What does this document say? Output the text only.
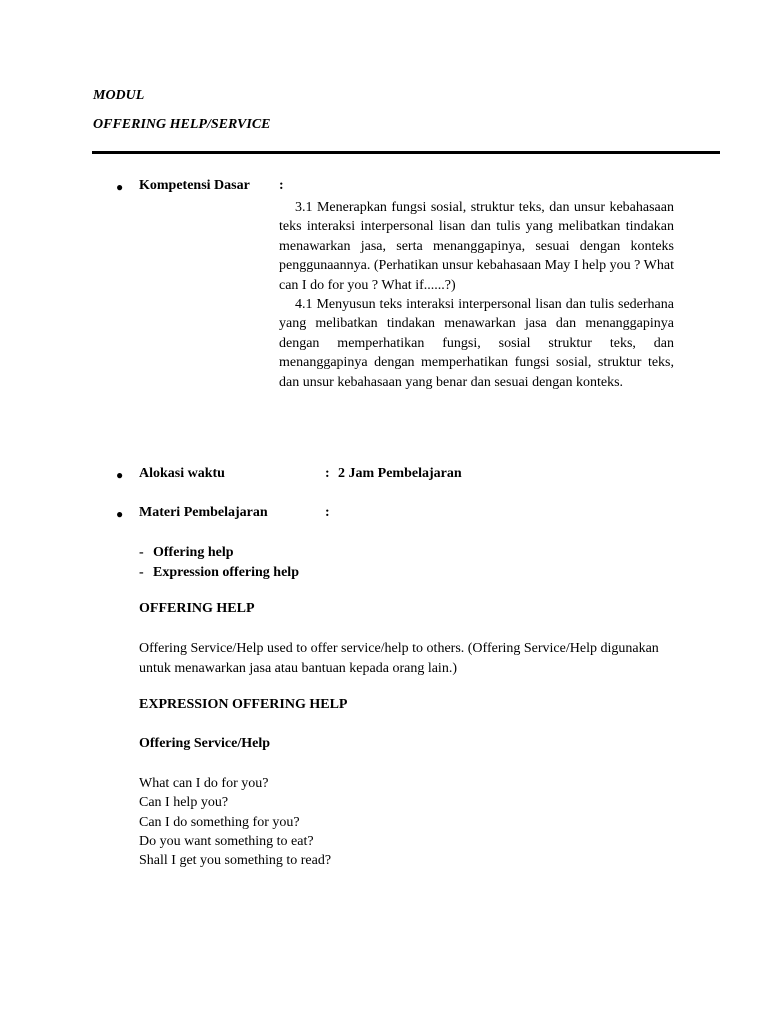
MODUL
OFFERING HELP/SERVICE
● Kompetensi Dasar :

3.1 Menerapkan fungsi sosial, struktur teks, dan unsur kebahasaan teks interaksi interpersonal lisan dan tulis yang melibatkan tindakan menawarkan jasa, serta menanggapinya, sesuai dengan konteks penggunaannya. (Perhatikan unsur kebahasaan May I help you ? What can I do for you ? What if......?)

4.1 Menyusun teks interaksi interpersonal lisan dan tulis sederhana yang melibatkan tindakan menawarkan jasa dan menanggapinya dengan memperhatikan fungsi, sosial struktur teks, dan menanggapinya dengan memperhatikan fungsi sosial, struktur teks, dan unsur kebahasaan yang benar dan sesuai dengan konteks.

● Alokasi waktu	: 2 Jam Pembelajaran
● Materi Pembelajaran	:
- Offering help
- Expression offering help
OFFERING HELP
Offering Service/Help used to offer service/help to others. (Offering Service/Help digunakan untuk menawarkan jasa atau bantuan kepada orang lain.)
EXPRESSION OFFERING HELP
Offering Service/Help
What can I do for you?
Can I help you?
Can I do something for you?
Do you want something to eat?
Shall I get you something to read?
